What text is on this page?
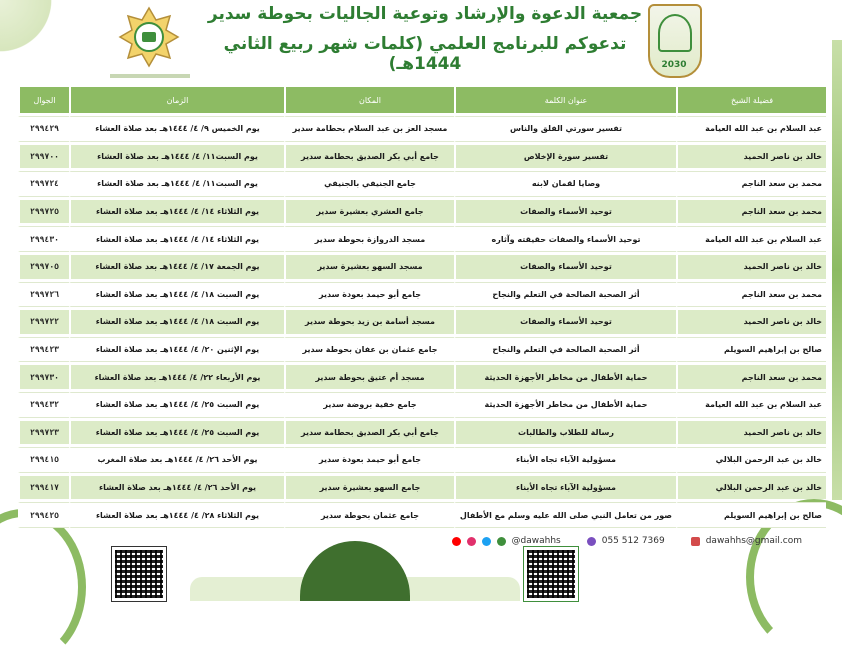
2030
جمعية الدعوة والإرشاد وتوعية الجاليات بحوطة سدير
تدعوكم للبرنامج العلمي (كلمات شهر ربيع الثاني 1444هـ)
فضيلة الشيخ	عنوان الكلمة	المكان	الزمان	الجوال
عبد السلام بن عبد الله العيامة	تفسير سورتي الفلق والناس	مسجد العز بن عبد السلام بحطامة سدير	يوم الخميس ٩/ ٤/ ١٤٤٤هـ بعد صلاة العشاء	٢٩٩٤٢٩
خالد بن ناصر الحميد	تفسير سورة الإخلاص	جامع أبي بكر الصديق بحطامة سدير	يوم السبت١١/ ٤/ ١٤٤٤هـ بعد صلاة العشاء	٢٩٩٧٠٠
محمد بن سعد الناجم	وصايا لقمان لابنه	جامع الجنيفي بالجنيفي	يوم السبت١١/ ٤/ ١٤٤٤هـ بعد صلاة العشاء	٢٩٩٧٢٤
محمد بن سعد الناجم	توحيد الأسماء والصفات	جامع العشري بعشيرة سدير	يوم الثلاثاء ١٤/ ٤/ ١٤٤٤هـ بعد صلاة العشاء	٢٩٩٧٢٥
عبد السلام بن عبد الله العيامة	توحيد الأسماء والصفات حقيقته وآثاره	مسجد الدروازة بحوطة سدير	يوم الثلاثاء ١٤/ ٤/ ١٤٤٤هـ بعد صلاة العشاء	٢٩٩٤٣٠
خالد بن ناصر الحميد	توحيد الأسماء والصفات	مسجد السهو بعشيرة سدير	يوم الجمعة ١٧/ ٤/ ١٤٤٤هـ بعد صلاة العشاء	٢٩٩٧٠٥
محمد بن سعد الناجم	أثر الصحبة الصالحة في التعلم والنجاح	جامع أبو حيمد بعودة سدير	يوم السبت ١٨/ ٤/ ١٤٤٤هـ بعد صلاة العشاء	٢٩٩٧٢٦
خالد بن ناصر الحميد	توحيد الأسماء والصفات	مسجد أسامة بن زيد بحوطة سدير	يوم السبت ١٨/ ٤/ ١٤٤٤هـ بعد صلاة العشاء	٢٩٩٧٢٢
صالح بن إبراهيم السويلم	أثر الصحبة الصالحة في التعلم والنجاح	جامع عثمان بن عفان بحوطة سدير	يوم الإثنين ٢٠/ ٤/ ١٤٤٤هـ بعد صلاة العشاء	٢٩٩٤٢٣
محمد بن سعد الناجم	حماية الأطفال من مخاطر الأجهزة الحديثة	مسجد أم عتيق بحوطة سدير	يوم الأربعاء ٢٢/ ٤/ ١٤٤٤هـ بعد صلاة العشاء	٢٩٩٧٣٠
عبد السلام بن عبد الله العيامة	حماية الأطفال من مخاطر الأجهزة الحديثة	جامع خفية بروضة سدير	يوم السبت ٢٥/ ٤/ ١٤٤٤هـ بعد صلاة العشاء	٢٩٩٤٣٢
خالد بن ناصر الحميد	رسالة للطلاب والطالبات	جامع أبي بكر الصديق بحطامة سدير	يوم السبت ٢٥/ ٤/ ١٤٤٤هـ بعد صلاة العشاء	٢٩٩٧٢٣
خالد بن عبد الرحمن البلالي	مسؤولية الآباء تجاه الأبناء	جامع أبو حيمد بعودة سدير	يوم الأحد ٢٦/ ٤/ ١٤٤٤هـ بعد صلاة المغرب	٢٩٩٤١٥
خالد بن عبد الرحمن البلالي	مسؤولية الآباء تجاه الأبناء	جامع السهو بعشيرة سدير	يوم الأحد ٢٦/ ٤/ ١٤٤٤هـ بعد صلاة العشاء	٢٩٩٤١٧
صالح بن إبراهيم السويلم	صور من تعامل النبي صلى الله عليه وسلم مع الأطفال	جامع عثمان بحوطة سدير	يوم الثلاثاء ٢٨/ ٤/ ١٤٤٤هـ بعد صلاة العشاء	٢٩٩٤٢٥
@dawahhs	055 512 7369	dawahhs@gmail.com
